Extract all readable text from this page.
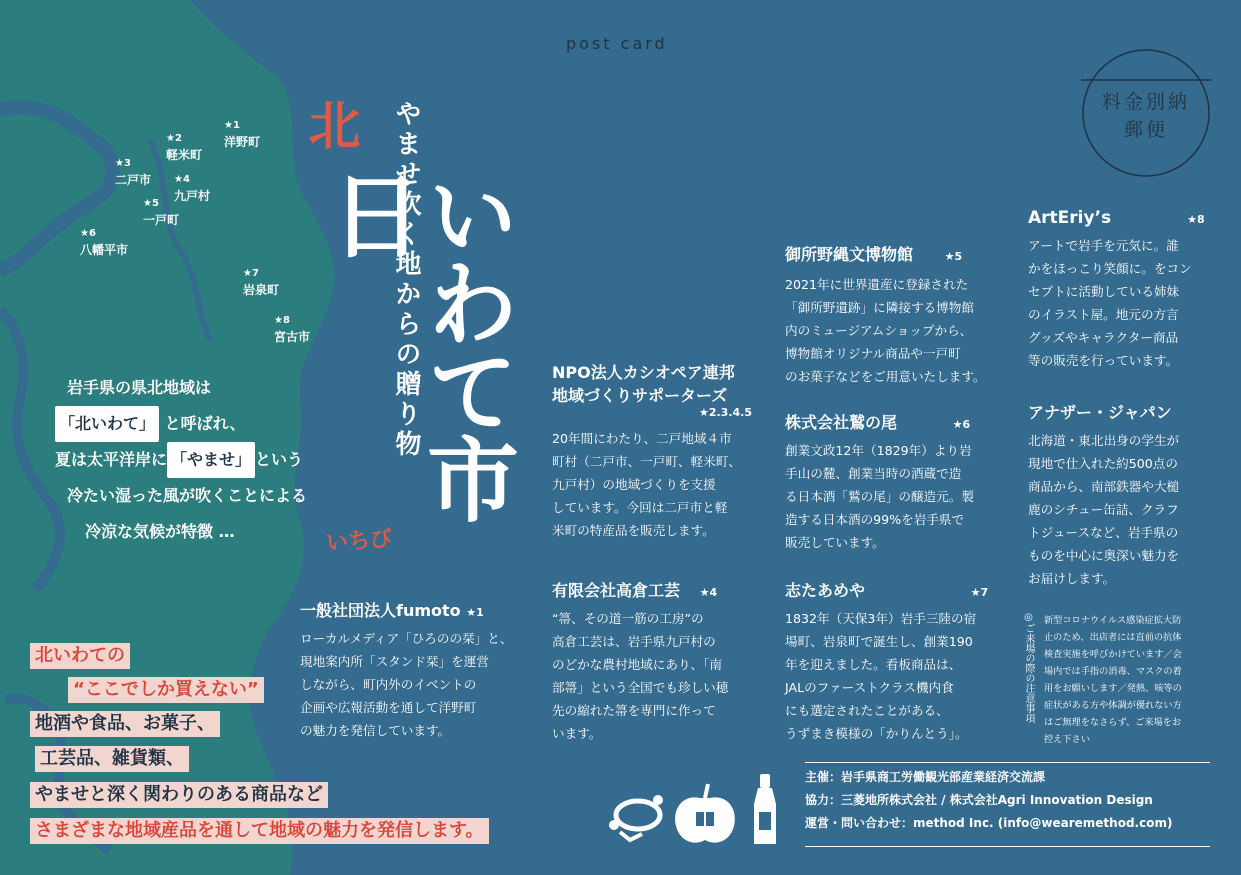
post card
料金別納
郵便
★1
洋野町
★2
軽米町
★3
二戸市 ★4
九戸村
★5
一戸町
★6
八幡平市
★7
岩泉町
★8
宮古市
北	やませ吹く地からの贈り物
いわて市日
いちび
岩手県の県北地域は
「北いわて」 と呼ばれ、
夏は太平洋岸に 「やませ」 という
冷たい湿った風が吹くことによる
冷涼な気候が特徴 …
北いわての
“ここでしか買えない”
地酒や食品、お菓子、
工芸品、雑貨類、
やませと深く関わりのある商品など
さまざまな地域産品を通して地域の魅力を発信します。
一般社団法人fumoto ★1
ローカルメディア「ひろのの栞」と、
現地案内所「スタンド栞」を運営
しながら、町内外のイベントの
企画や広報活動を通して洋野町
の魅力を発信しています。
NPO法人カシオペア連邦
地域づくりサポーターズ
★2.3.4.5
20年間にわたり、二戸地域４市
町村（二戸市、一戸町、軽米町、
九戸村）の地域づくりを支援
しています。今回は二戸市と軽
米町の特産品を販売します。
有限会社高倉工芸 ★4
“箒、その道一筋の工房”の
高倉工芸は、岩手県九戸村の
のどかな農村地域にあり、「南
部箒」という全国でも珍しい穂
先の縮れた箒を専門に作って
います。
御所野縄文博物館	★5
2021年に世界遺産に登録された
「御所野遺跡」に隣接する博物館
内のミュージアムショップから、
博物館オリジナル商品や一戸町
のお菓子などをご用意いたします。
株式会社鷲の尾	★6
創業文政12年（1829年）より岩
手山の麓、創業当時の酒蔵で造
る日本酒「鷲の尾」の醸造元。製
造する日本酒の99%を岩手県で
販売しています。
志たあめや	★7
1832年（天保3年）岩手三陸の宿
場町、岩泉町で誕生し、創業190
年を迎えました。看板商品は、
JALのファーストクラス機内食
にも選定されたことがある、
うずまき模様の「かりんとう」。
ArtEriy’s	★8
アートで岩手を元気に。誰
かをほっこり笑顔に。をコン
セプトに活動している姉妹
のイラスト屋。地元の方言
グッズやキャラクター商品
等の販売を行っています。
アナザー・ジャパン
北海道・東北出身の学生が
現地で仕入れた約500点の
商品から、南部鉄器や大槌
鹿のシチュー缶詰、クラフ
トジュースなど、岩手県の
ものを中心に奥深い魅力を
お届けします。
◎ご来場の際の注意事項 新型コロナウイルス感染症拡大防
止のため、出店者には直前の抗体
検査実施を呼びかけています／会
場内では手指の消毒、マスクの着
用をお願いします／発熱、咳等の
症状がある方や体調が優れない方
はご無理をなさらず、ご来場をお
控え下さい
主催：岩手県商工労働観光部産業経済交流課
協力：三菱地所株式会社 / 株式会社Agri Innovation Design
運営・問い合わせ：method Inc. (info@wearemethod.com)
